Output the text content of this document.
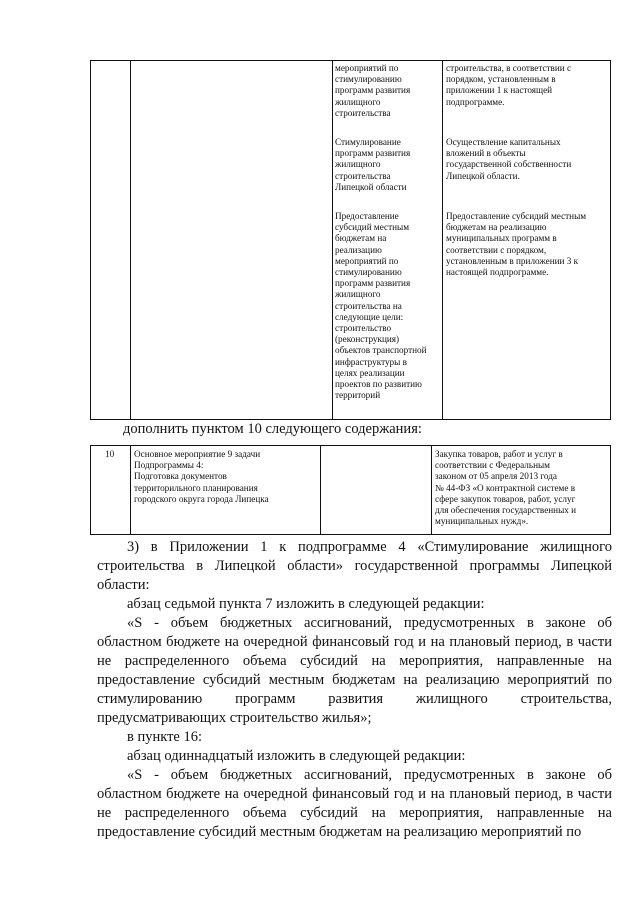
мероприятий по
стимулированию
программ развития
жилищного
строительства
строительства, в соответствии с
порядком, установленным в
приложении 1 к настоящей
подпрограмме.
Стимулирование
программ развития
жилищного
строительства
Липецкой области
Осуществление капитальных
вложений в объекты
государственной собственности
Липецкой области.
Предоставление
субсидий местным
бюджетам на
реализацию
мероприятий по
стимулированию
программ развития
жилищного
строительства на
следующие цели:
строительство
(реконструкция)
объектов транспортной
инфраструктуры в
целях реализации
проектов по развитию
территорий
Предоставление субсидий местным
бюджетам на реализацию
муниципальных программ в
соответствии с порядком,
установленным в приложении 3 к
настоящей подпрограмме.
дополнить пунктом 10 следующего содержания:
10	Основное мероприятие 9 задачи
Подпрограммы 4:
Подготовка документов
территорильного планирования
городского округа города Липецка
Закупка товаров, работ и услуг в
соответствии с Федеральным
законом от 05 апреля 2013 года
№ 44-ФЗ «О контрактной системе в
сфере закупок товаров, работ, услуг
для обеспечения государственных и
муниципальных нужд».

3) в Приложении 1 к подпрограмме 4 «Стимулирование жилищного строительства в Липецкой области» государственной программы Липецкой области:

абзац седьмой пункта 7 изложить в следующей редакции:

«S - объем бюджетных ассигнований, предусмотренных в законе об областном бюджете на очередной финансовый год и на плановый период, в части не распределенного объема субсидий на мероприятия, направленные на предоставление субсидий местным бюджетам на реализацию мероприятий по стимулированию программ развития жилищного строительства, предусматривающих строительство жилья»;

в пункте 16:

абзац одиннадцатый изложить в следующей редакции:

«S - объем бюджетных ассигнований, предусмотренных в законе об областном бюджете на очередной финансовый год и на плановый период, в части не распределенного объема субсидий на мероприятия, направленные на предоставление субсидий местным бюджетам на реализацию мероприятий по
